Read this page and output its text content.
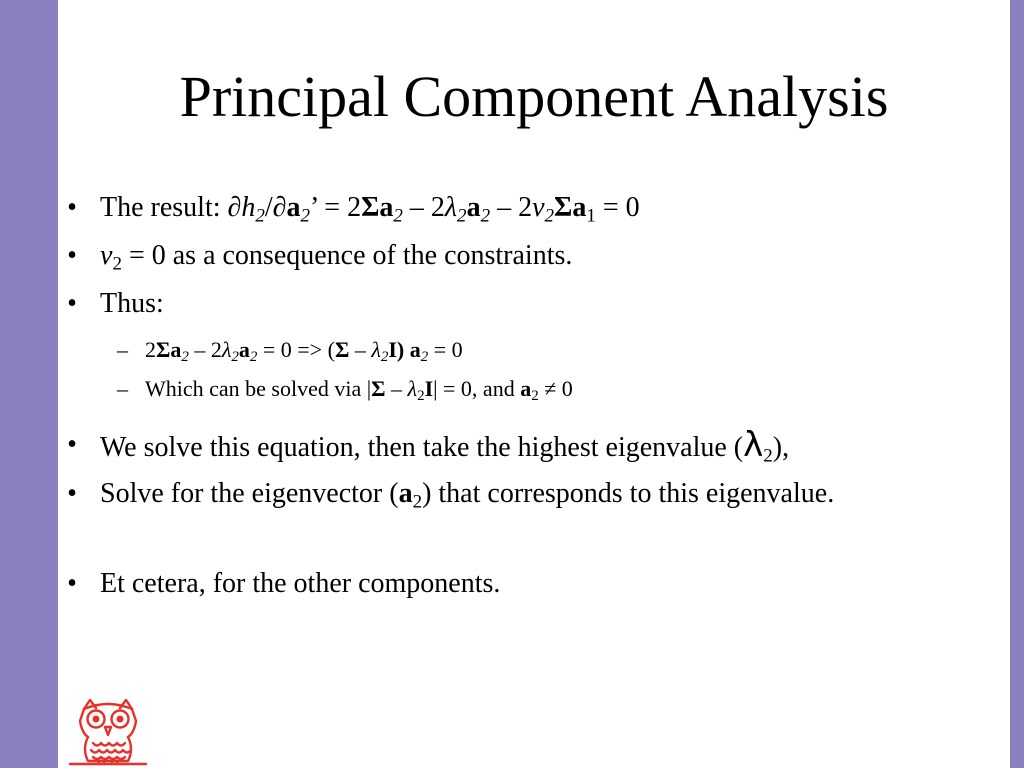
Principal Component Analysis
• The result: $\partial h_2/\partial a_2$’ = $2\Sigma a_2 - 2\lambda_2a_2 - 2v_2\Sigma a_1 = 0$
• $v_2 = 0$ as a consequence of the constraints.
• Thus:
– $2\Sigma a_2 - 2\lambda_2a_2 = 0 => (\Sigma - \lambda_2I) a_2 = 0$
– Which can be solved via $|\Sigma - \lambda_2I| = 0$, and $a_2 \ne 0$
• We solve this equation, then take the highest eigenvalue $(\lambda_2)$,
• Solve for the eigenvector $(a_2)$ that corresponds to this eigenvalue.
• Et cetera, for the other components.
